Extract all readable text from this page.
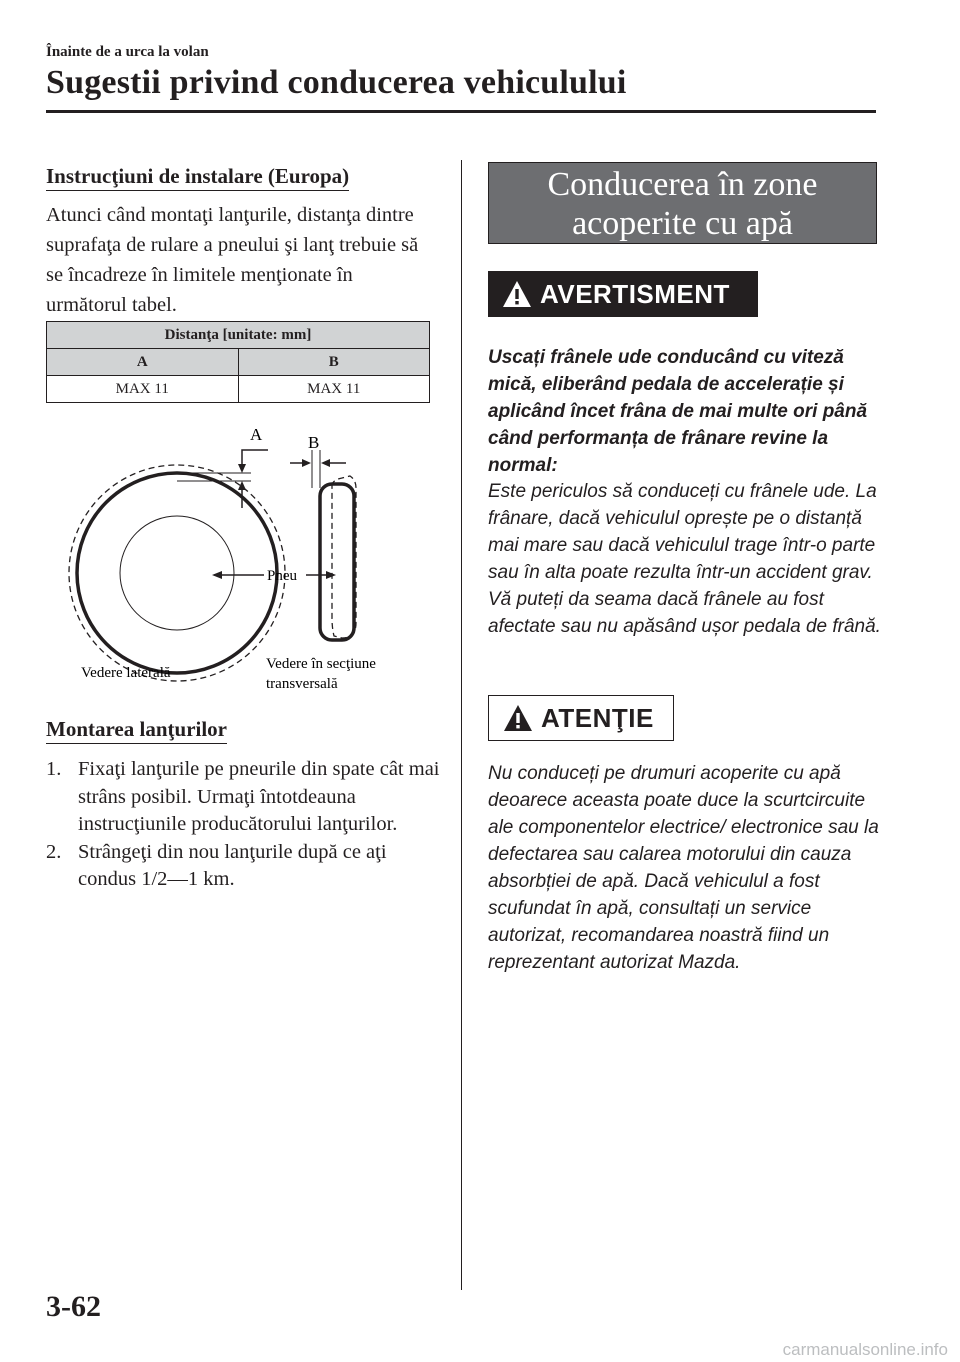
Înainte de a urca la volan
Sugestii privind conducerea vehiculului
Instrucţiuni de instalare (Europa)
Atunci când montaţi lanţurile, distanţa dintre suprafaţa de rulare a pneului şi lanţ trebuie să se încadreze în limitele menţionate în următorul tabel.
Distanţa [unitate: mm]	
A	B
MAX 11	MAX 11
A	B
Pneu
Vedere laterală
Vedere în secţiune
transversală
Montarea lanţurilor
1. Fixaţi lanţurile pe pneurile din spate cât mai strâns posibil. Urmaţi întotdeauna instrucţiunile producătorului lanţurilor.
2. Strângeţi din nou lanţurile după ce aţi condus 1/2—1 km.
Conducerea în zone
acoperite cu apă
AVERTISMENT
Uscați frânele ude conducând cu viteză mică, eliberând pedala de accelerație și aplicând încet frâna de mai multe ori până când performanța de frânare revine la normal:
Este periculos să conduceți cu frânele ude. La frânare, dacă vehiculul oprește pe o distanță mai mare sau dacă vehiculul trage într-o parte sau în alta poate rezulta într-un accident grav. Vă puteți da seama dacă frânele au fost afectate sau nu apăsând ușor pedala de frână.
ATENŢIE
Nu conduceți pe drumuri acoperite cu apă deoarece aceasta poate duce la scurtcircuite ale componentelor electrice/ electronice sau la defectarea sau calarea motorului din cauza absorbției de apă. Dacă vehiculul a fost scufundat în apă, consultați un service autorizat, recomandarea noastră fiind un reprezentant autorizat Mazda.
3-62
carmanualsonline.info
